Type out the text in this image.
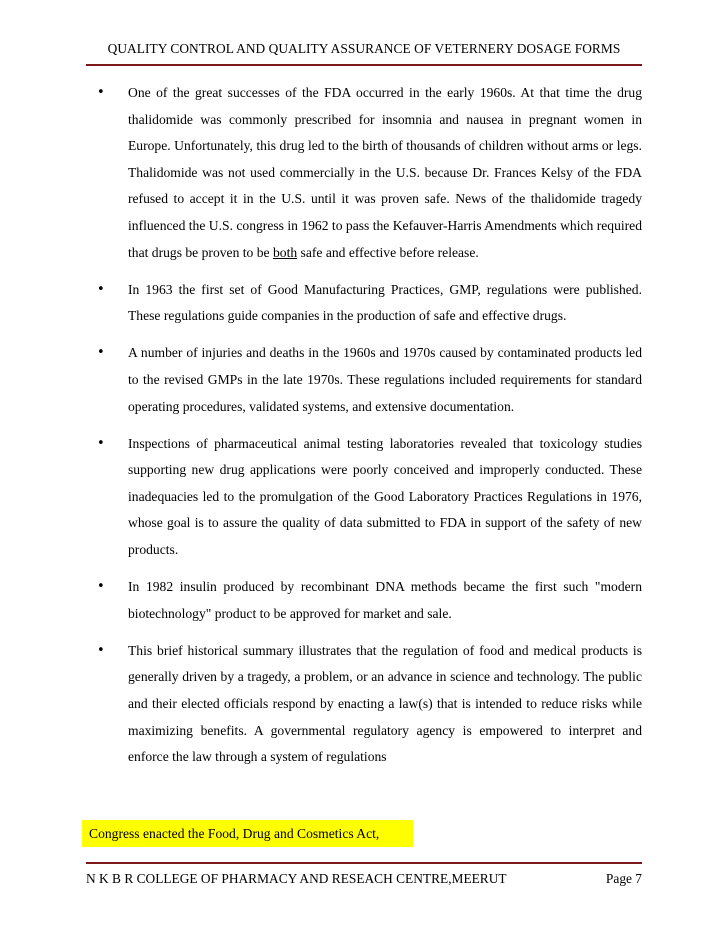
QUALITY CONTROL AND QUALITY ASSURANCE OF VETERNERY DOSAGE FORMS
• One of the great successes of the FDA occurred in the early 1960s. At that time the drug thalidomide was commonly prescribed for insomnia and nausea in pregnant women in Europe. Unfortunately, this drug led to the birth of thousands of children without arms or legs. Thalidomide was not used commercially in the U.S. because Dr. Frances Kelsy of the FDA refused to accept it in the U.S. until it was proven safe. News of the thalidomide tragedy influenced the U.S. congress in 1962 to pass the Kefauver-Harris Amendments which required that drugs be proven to be both safe and effective before release.
• In 1963 the first set of Good Manufacturing Practices, GMP, regulations were published. These regulations guide companies in the production of safe and effective drugs.
• A number of injuries and deaths in the 1960s and 1970s caused by contaminated products led to the revised GMPs in the late 1970s. These regulations included requirements for standard operating procedures, validated systems, and extensive documentation.
• Inspections of pharmaceutical animal testing laboratories revealed that toxicology studies supporting new drug applications were poorly conceived and improperly conducted. These inadequacies led to the promulgation of the Good Laboratory Practices Regulations in 1976, whose goal is to assure the quality of data submitted to FDA in support of the safety of new products.
• In 1982 insulin produced by recombinant DNA methods became the first such "modern biotechnology" product to be approved for market and sale.
• This brief historical summary illustrates that the regulation of food and medical products is generally driven by a tragedy, a problem, or an advance in science and technology. The public and their elected officials respond by enacting a law(s) that is intended to reduce risks while maximizing benefits. A governmental regulatory agency is empowered to interpret and enforce the law through a system of regulations
Congress enacted the Food, Drug and Cosmetics Act,
N K B R COLLEGE OF PHARMACY AND RESEACH CENTRE,MEERUT	Page 7
